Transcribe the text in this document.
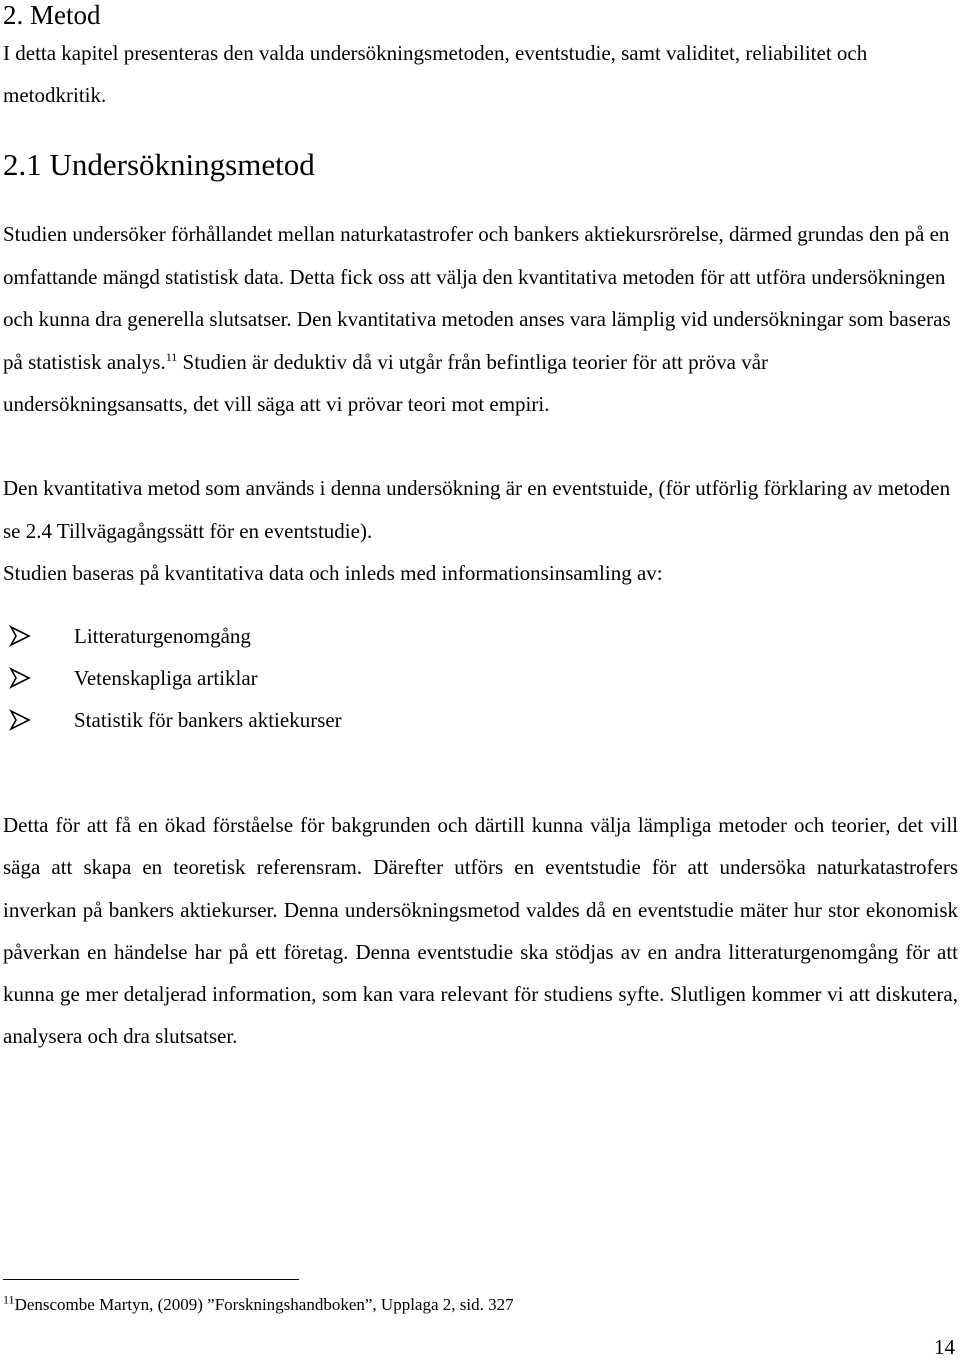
2. Metod
I detta kapitel presenteras den valda undersökningsmetoden, eventstudie, samt validitet, reliabilitet och metodkritik.
2.1 Undersökningsmetod
Studien undersöker förhållandet mellan naturkatastrofer och bankers aktiekursrörelse, därmed grundas den på en omfattande mängd statistisk data. Detta fick oss att välja den kvantitativa metoden för att utföra undersökningen och kunna dra generella slutsatser. Den kvantitativa metoden anses vara lämplig vid undersökningar som baseras på statistisk analys.$^{11}$ Studien är deduktiv då vi utgår från befintliga teorier för att pröva vår undersökningsansatts, det vill säga att vi prövar teori mot empiri.
Den kvantitativa metod som används i denna undersökning är en eventstuide, (för utförlig förklaring av metoden se 2.4 Tillvägagångssätt för en eventstudie).
Studien baseras på kvantitativa data och inleds med informationsinsamling av:
Litteraturgenomgång
Vetenskapliga artiklar
Statistik för bankers aktiekurser
Detta för att få en ökad förståelse för bakgrunden och därtill kunna välja lämpliga metoder och teorier, det vill säga att skapa en teoretisk referensram. Därefter utförs en eventstudie för att undersöka naturkatastrofers inverkan på bankers aktiekurser. Denna undersökningsmetod valdes då en eventstudie mäter hur stor ekonomisk påverkan en händelse har på ett företag. Denna eventstudie ska stödjas av en andra litteraturgenomgång för att kunna ge mer detaljerad information, som kan vara relevant för studiens syfte. Slutligen kommer vi att diskutera, analysera och dra slutsatser.
$^{11}$Denscombe Martyn, (2009) ”Forskningshandboken”, Upplaga 2, sid. 327
14
